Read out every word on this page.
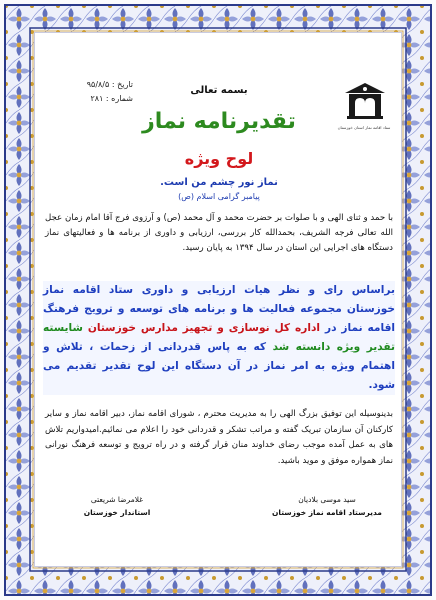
تاریخ : ۹۵/۸/۵
شماره : ۲۸۱
ستاد اقامه نماز استان خوزستان
بسمه تعالی
تقدیرنامه نماز
لوح ویژه
نماز نور چشم من است.
پیامبر گرامی اسلام (ص)
با حمد و ثنای الهی و با صلوات بر حضرت محمد و آل محمد (ص) و آرزوی فرج آقا امام زمان عجل الله تعالی فرجه الشریف، بحمدالله کار بررسی، ارزیابی و داوری از برنامه ها و فعالیتهای نماز دستگاه های اجرایی این استان در سال ۱۳۹۴ به پایان رسید.
براساس رای و نظر هیات ارزیابی و داوری ستاد اقامه نماز خوزستان مجموعه فعالیت ها و برنامه های توسعه و ترویج فرهنگ اقامه نماز در اداره کل نوسازی و تجهیز مدارس خوزستان شایسته تقدیر ویژه دانسته شد که به پاس قدردانی از زحمات ، تلاش و اهتمام ویژه به امر نماز در آن دستگاه این لوح تقدیر تقدیم می شود.
بدینوسیله این توفیق بزرگ الهی را به مدیریت محترم ، شورای اقامه نماز، دبیر اقامه نماز و سایر کارکنان آن سازمان تبریک گفته و مراتب تشکر و قدردانی خود را اعلام می نمائیم.امیدواریم تلاش های به عمل آمده موجب رضای خداوند منان قرار گرفته و در راه ترویج و توسعه فرهنگ نورانی نماز همواره موفق و موید باشید.
سید موسی بلادیان
مدیرستاد اقامه نماز خوزستان
غلامرضا شریعتی
استاندار خوزستان
